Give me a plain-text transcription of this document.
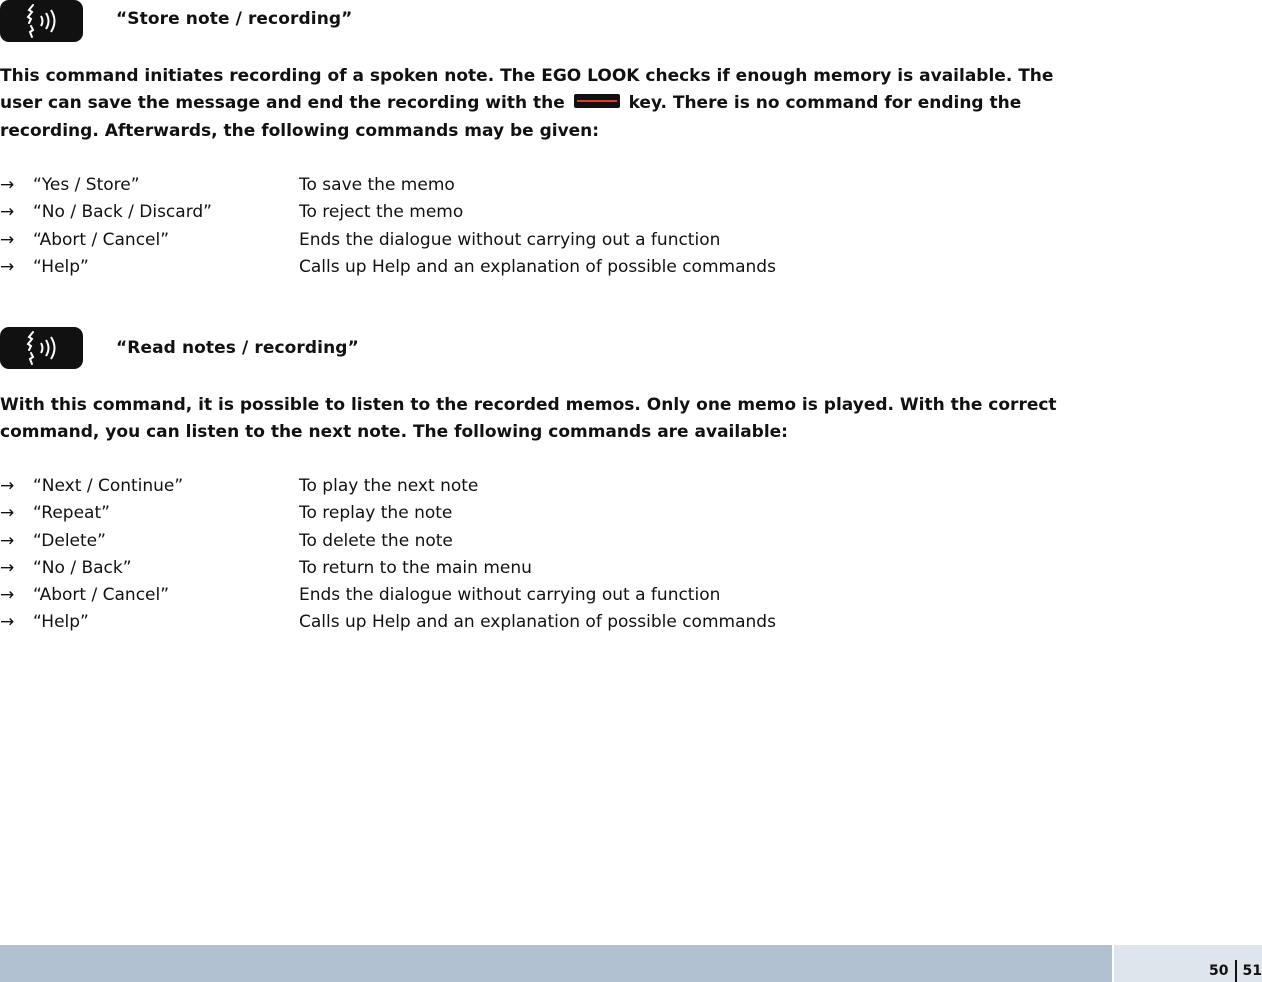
“Store note / recording”

This command initiates recording of a spoken note. The EGO LOOK checks if enough memory is available. The user can save the message and end the recording with the	key. There is no command for ending the recording. Afterwards, the following commands may be given:

→	“Yes / Store”	To save the memo
→	“No / Back / Discard”	To reject the memo
→	“Abort / Cancel”	Ends the dialogue without carrying out a function
→	“Help”	Calls up Help and an explanation of possible commands
“Read notes / recording”

With this command, it is possible to listen to the recorded memos. Only one memo is played. With the correct command, you can listen to the next note. The following commands are available:

→	“Next / Continue”	To play the next note
→	“Repeat”	To replay the note
→	“Delete”	To delete the note
→	“No / Back”	To return to the main menu
→	“Abort / Cancel”	Ends the dialogue without carrying out a function
→	“Help”	Calls up Help and an explanation of possible commands
50 51
